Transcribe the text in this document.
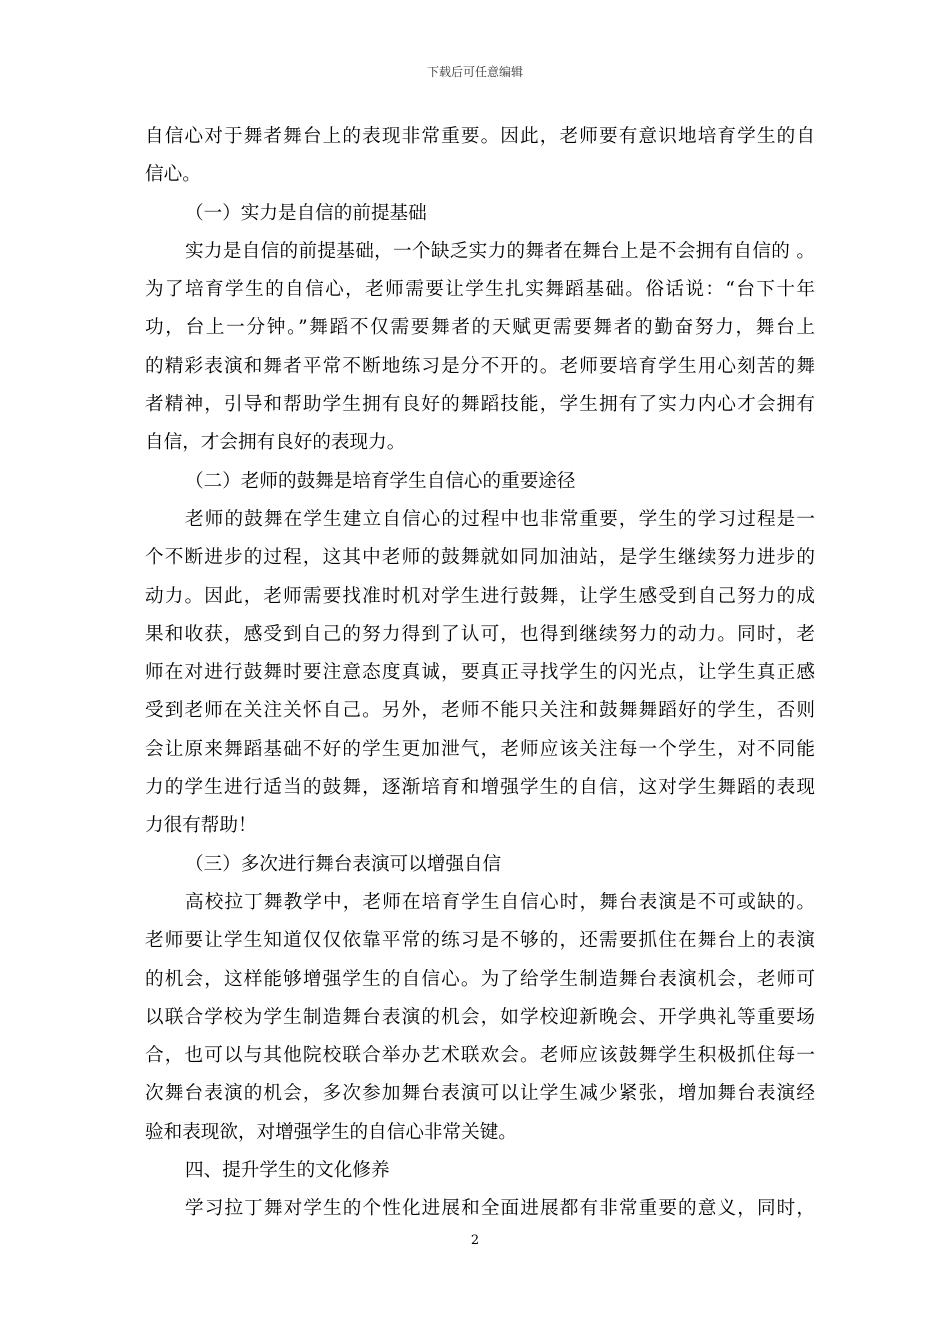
下载后可任意编辑
自信心对于舞者舞台上的表现非常重要。因此，老师要有意识地培育学生的自
信心。
（一）实力是自信的前提基础
实力是自信的前提基础，一个缺乏实力的舞者在舞台上是不会拥有自信的 。
为了培育学生的自信心，老师需要让学生扎实舞蹈基础。俗话说：“台下十年
功，台上一分钟。”舞蹈不仅需要舞者的天赋更需要舞者的勤奋努力，舞台上
的精彩表演和舞者平常不断地练习是分不开的。老师要培育学生用心刻苦的舞
者精神，引导和帮助学生拥有良好的舞蹈技能，学生拥有了实力内心才会拥有
自信，才会拥有良好的表现力。
（二）老师的鼓舞是培育学生自信心的重要途径
老师的鼓舞在学生建立自信心的过程中也非常重要，学生的学习过程是一
个不断进步的过程，这其中老师的鼓舞就如同加油站，是学生继续努力进步的
动力。因此，老师需要找准时机对学生进行鼓舞，让学生感受到自己努力的成
果和收获，感受到自己的努力得到了认可，也得到继续努力的动力。同时，老
师在对进行鼓舞时要注意态度真诚，要真正寻找学生的闪光点，让学生真正感
受到老师在关注关怀自己。另外，老师不能只关注和鼓舞舞蹈好的学生，否则
会让原来舞蹈基础不好的学生更加泄气，老师应该关注每一个学生，对不同能
力的学生进行适当的鼓舞，逐渐培育和增强学生的自信，这对学生舞蹈的表现
力很有帮助！
（三）多次进行舞台表演可以增强自信
高校拉丁舞教学中，老师在培育学生自信心时，舞台表演是不可或缺的。
老师要让学生知道仅仅依靠平常的练习是不够的，还需要抓住在舞台上的表演
的机会，这样能够增强学生的自信心。为了给学生制造舞台表演机会，老师可
以联合学校为学生制造舞台表演的机会，如学校迎新晚会、开学典礼等重要场
合，也可以与其他院校联合举办艺术联欢会。老师应该鼓舞学生积极抓住每一
次舞台表演的机会，多次参加舞台表演可以让学生减少紧张，增加舞台表演经
验和表现欲，对增强学生的自信心非常关键。
四、提升学生的文化修养
学习拉丁舞对学生的个性化进展和全面进展都有非常重要的意义，同时，
2
